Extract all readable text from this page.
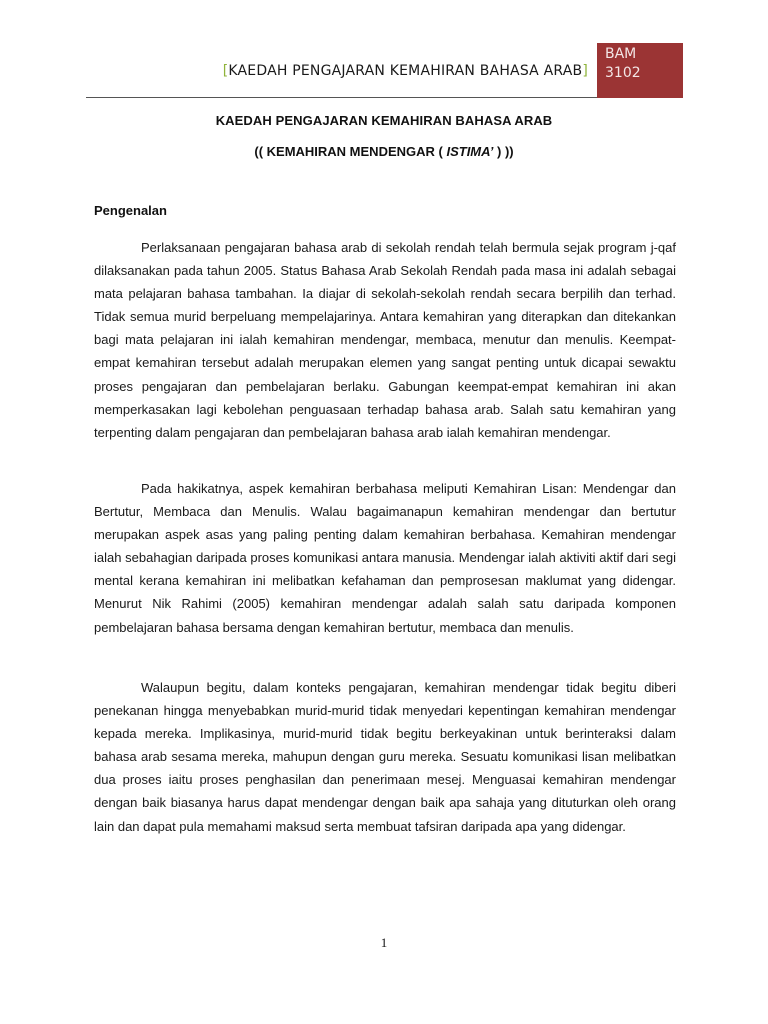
[KAEDAH PENGAJARAN KEMAHIRAN BAHASA ARAB]
BAM
3102
KAEDAH PENGAJARAN KEMAHIRAN BAHASA ARAB
(( KEMAHIRAN MENDENGAR ( ISTIMA’ ) ))
Pengenalan

Perlaksanaan pengajaran bahasa arab di sekolah rendah telah bermula sejak program j-qaf dilaksanakan pada tahun 2005. Status Bahasa Arab Sekolah Rendah pada masa ini adalah sebagai mata pelajaran bahasa tambahan. Ia diajar di sekolah-sekolah rendah secara berpilih dan terhad. Tidak semua murid berpeluang mempelajarinya. Antara kemahiran yang diterapkan dan ditekankan bagi mata pelajaran ini ialah kemahiran mendengar, membaca, menutur dan menulis. Keempat-empat kemahiran tersebut adalah merupakan elemen yang sangat penting untuk dicapai sewaktu proses pengajaran dan pembelajaran berlaku. Gabungan keempat-empat kemahiran ini akan memperkasakan lagi kebolehan penguasaan terhadap bahasa arab. Salah satu kemahiran yang terpenting dalam pengajaran dan pembelajaran bahasa arab ialah kemahiran mendengar.

Pada hakikatnya, aspek kemahiran berbahasa meliputi Kemahiran Lisan: Mendengar dan Bertutur, Membaca dan Menulis. Walau bagaimanapun kemahiran mendengar dan bertutur merupakan aspek asas yang paling penting dalam kemahiran berbahasa. Kemahiran mendengar ialah sebahagian daripada proses komunikasi antara manusia. Mendengar ialah aktiviti aktif dari segi mental kerana kemahiran ini melibatkan kefahaman dan pemprosesan maklumat yang didengar. Menurut Nik Rahimi (2005) kemahiran mendengar adalah salah satu daripada komponen pembelajaran bahasa bersama dengan kemahiran bertutur, membaca dan menulis.

Walaupun begitu, dalam konteks pengajaran, kemahiran mendengar tidak begitu diberi penekanan hingga menyebabkan murid-murid tidak menyedari kepentingan kemahiran mendengar kepada mereka. Implikasinya, murid-murid tidak begitu berkeyakinan untuk berinteraksi dalam bahasa arab sesama mereka, mahupun dengan guru mereka. Sesuatu komunikasi lisan melibatkan dua proses iaitu proses penghasilan dan penerimaan mesej. Menguasai kemahiran mendengar dengan baik biasanya harus dapat mendengar dengan baik apa sahaja yang dituturkan oleh orang lain dan dapat pula memahami maksud serta membuat tafsiran daripada apa yang didengar.

1
